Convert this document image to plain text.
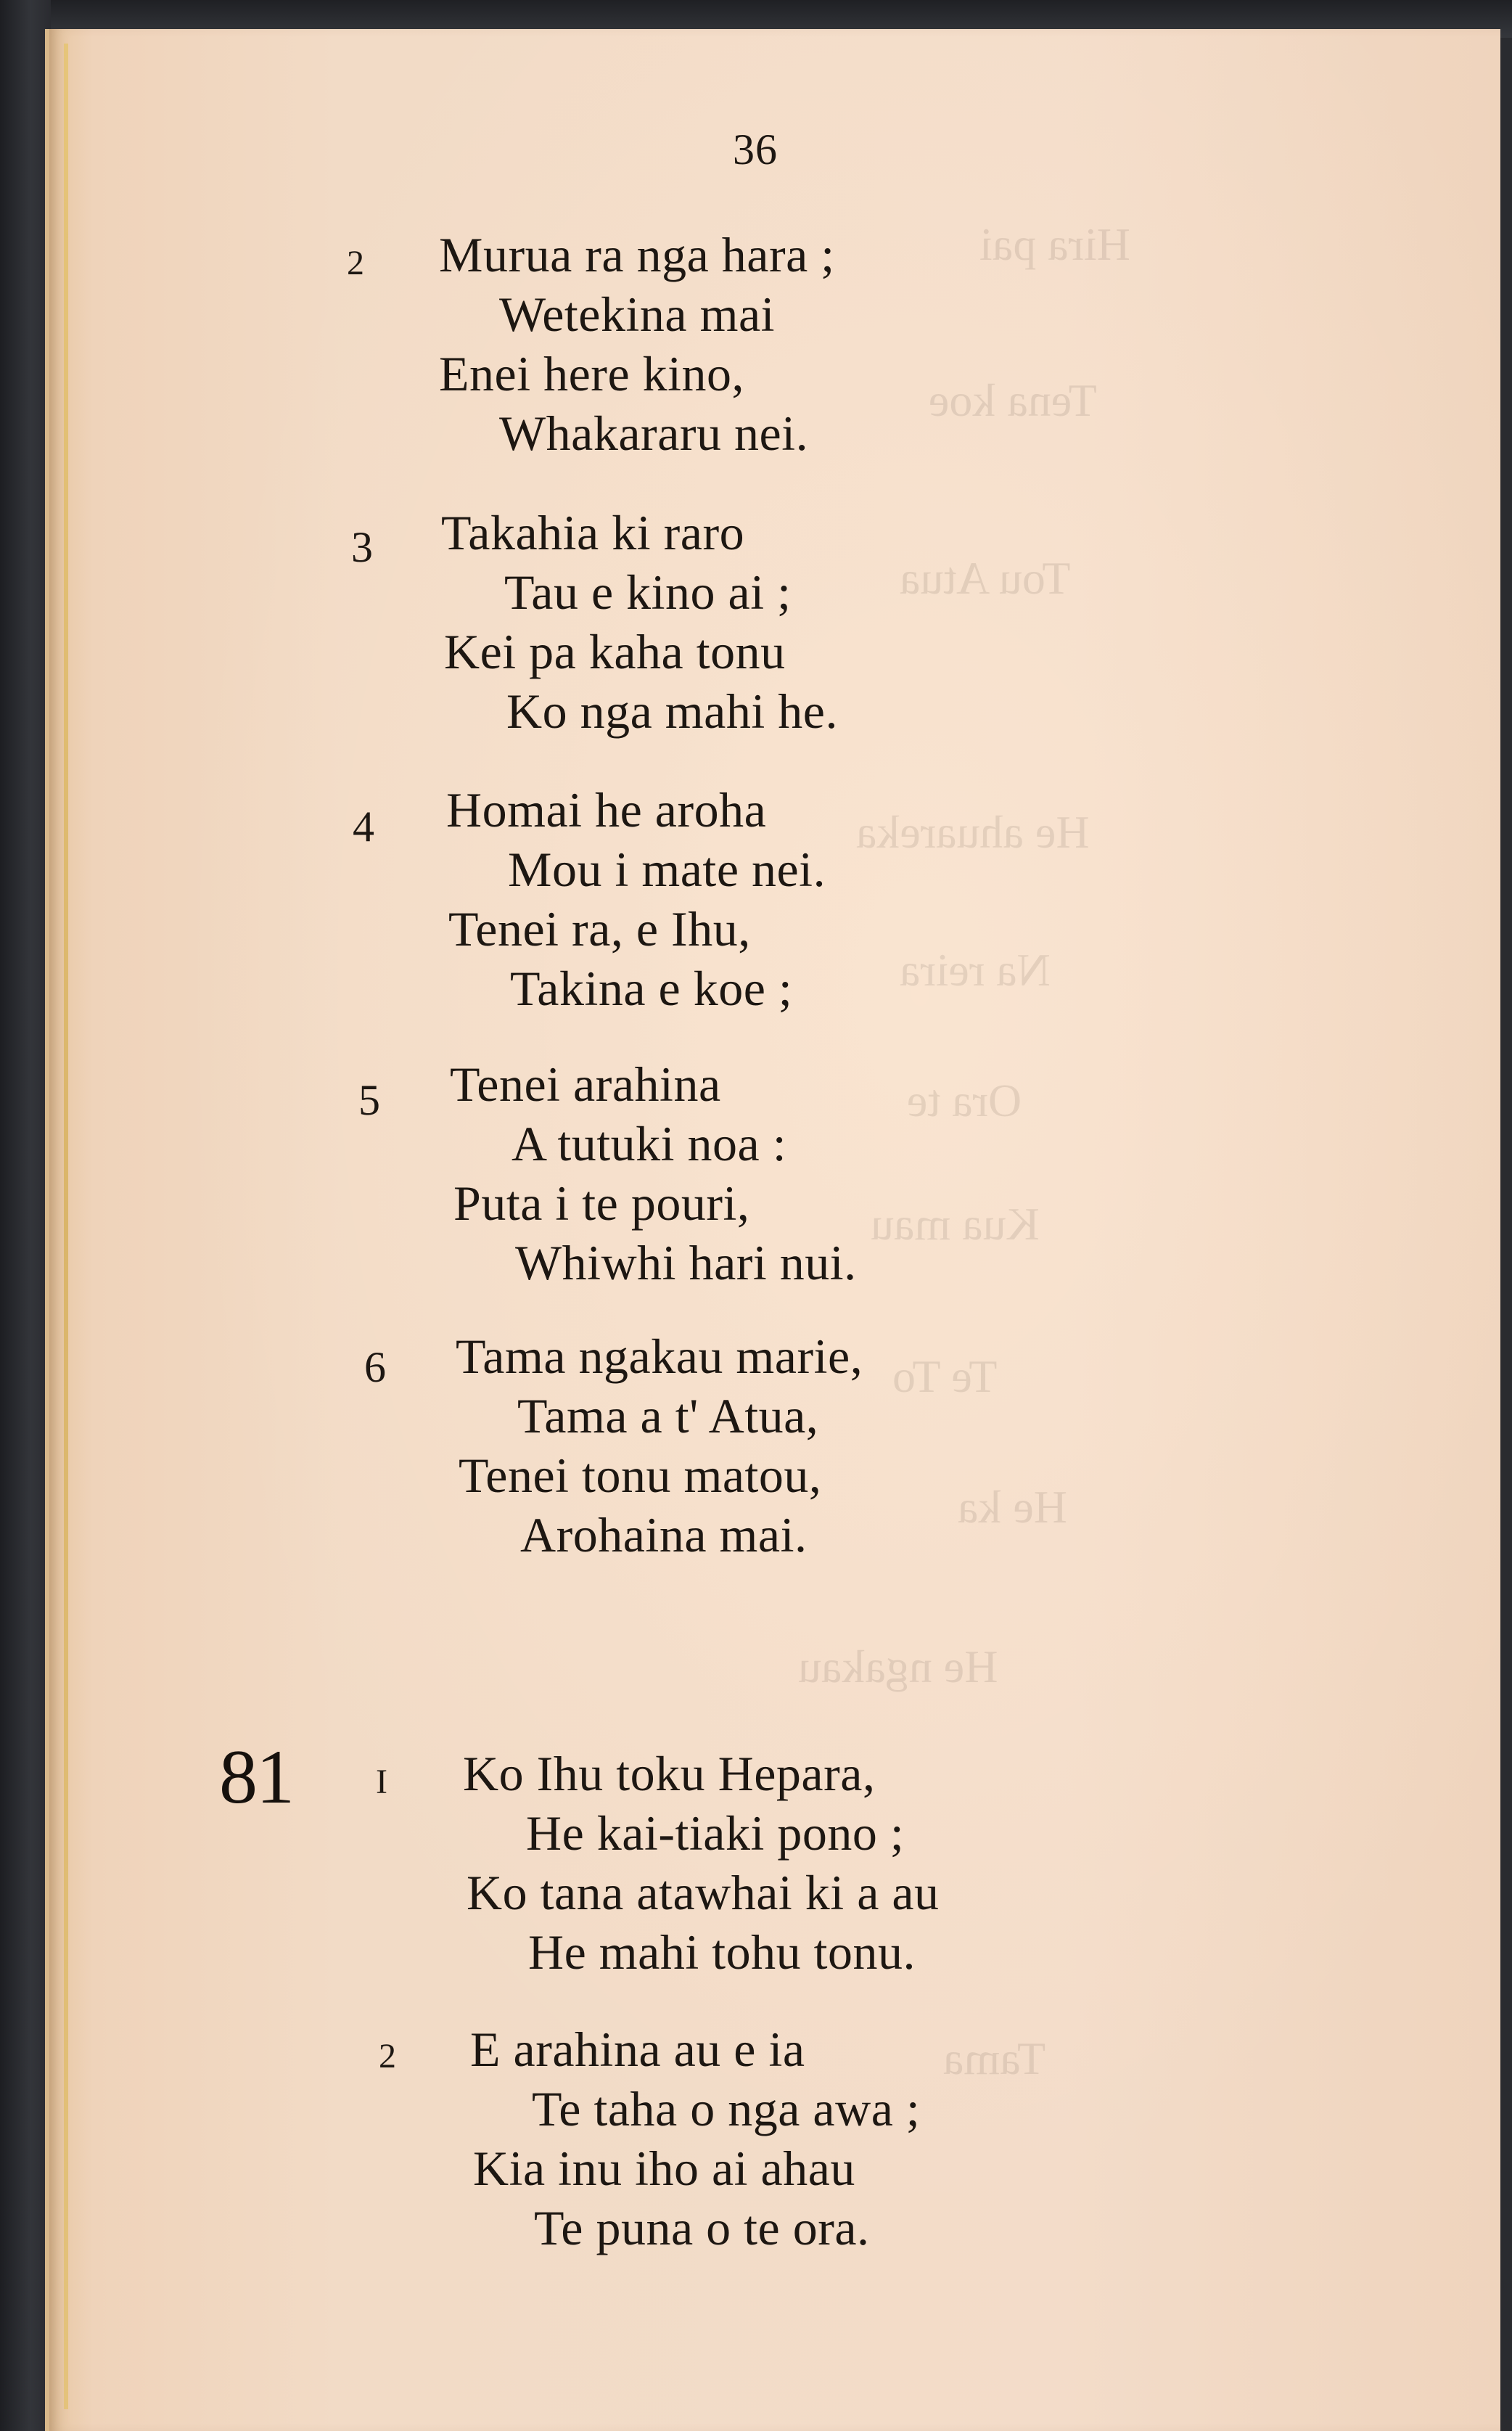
Hira pai
Tena koe
Tou Atua
He ahuareka
Na reira
Ora te
Kua mau
Te To
He ka
He ngakau
Tama
36
2 Murua ra nga hara ;
Wetekina mai
Enei here kino,
Whakararu nei.
3 Takahia ki raro
Tau e kino ai ;
Kei pa kaha tonu
Ko nga mahi he.
4 Homai he aroha
Mou i mate nei.
Tenei ra, e Ihu,
Takina e koe ;
5 Tenei arahina
A tutuki noa :
Puta i te pouri,
Whiwhi hari nui.
6 Tama ngakau marie,
Tama a t' Atua,
Tenei tonu matou,
Arohaina mai.
81 I Ko Ihu toku Hepara,
He kai-tiaki pono ;
Ko tana atawhai ki a au
He mahi tohu tonu.
2 E arahina au e ia
Te taha o nga awa ;
Kia inu iho ai ahau
Te puna o te ora.
